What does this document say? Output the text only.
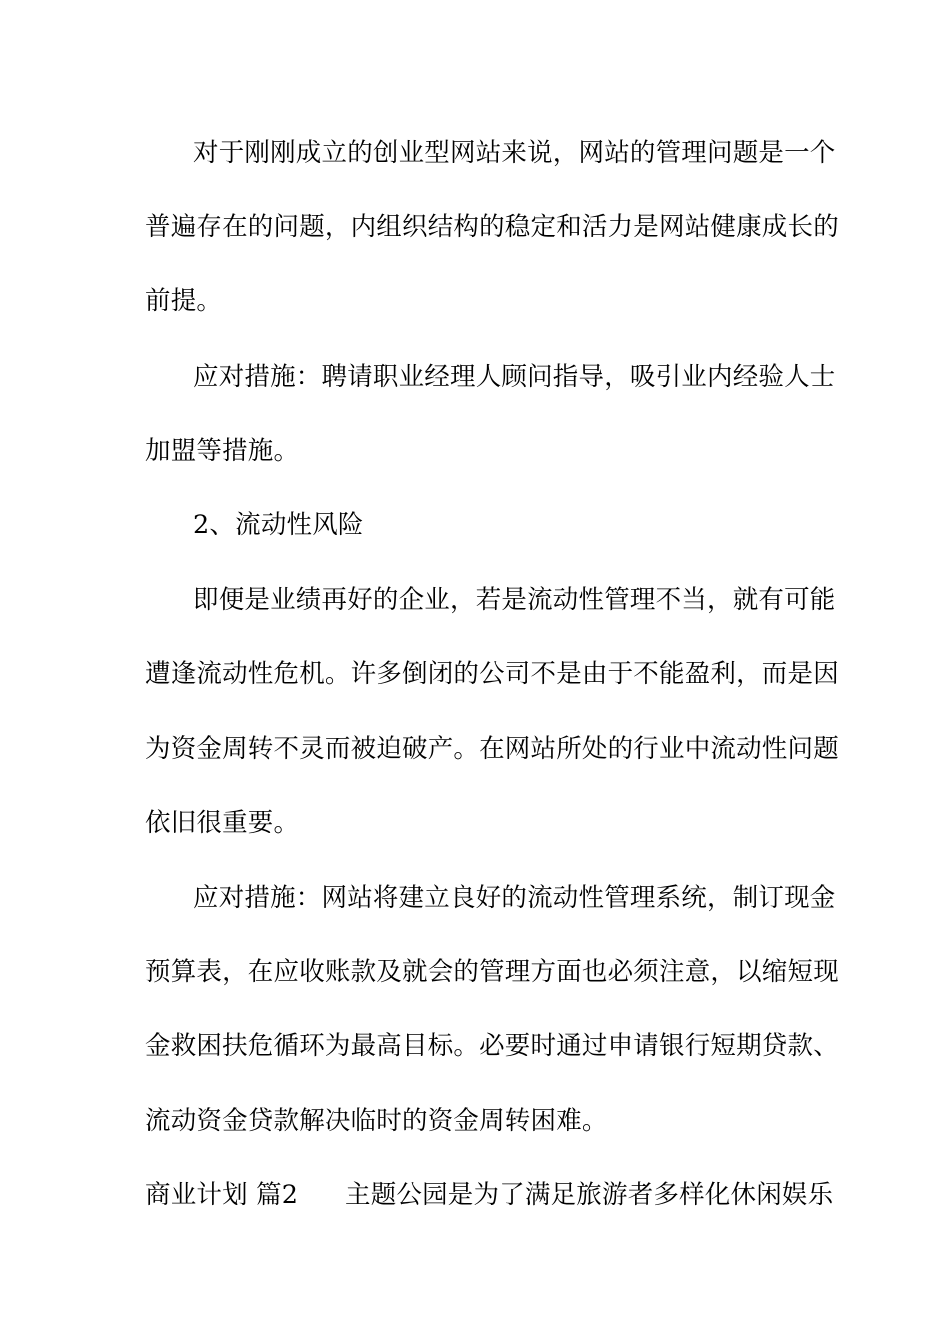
对于刚刚成立的创业型网站来说，网站的管理问题是一个
普遍存在的问题，内组织结构的稳定和活力是网站健康成长的
前提。
应对措施：聘请职业经理人顾问指导，吸引业内经验人士
加盟等措施。
2、流动性风险
即便是业绩再好的企业，若是流动性管理不当，就有可能
遭逢流动性危机。许多倒闭的公司不是由于不能盈利，而是因
为资金周转不灵而被迫破产。在网站所处的行业中流动性问题
依旧很重要。
应对措施：网站将建立良好的流动性管理系统，制订现金
预算表，在应收账款及就会的管理方面也必须注意，以缩短现
金救困扶危循环为最高目标。必要时通过申请银行短期贷款、
流动资金贷款解决临时的资金周转困难。
商业计划 篇2 主题公园是为了满足旅游者多样化休闲娱乐
